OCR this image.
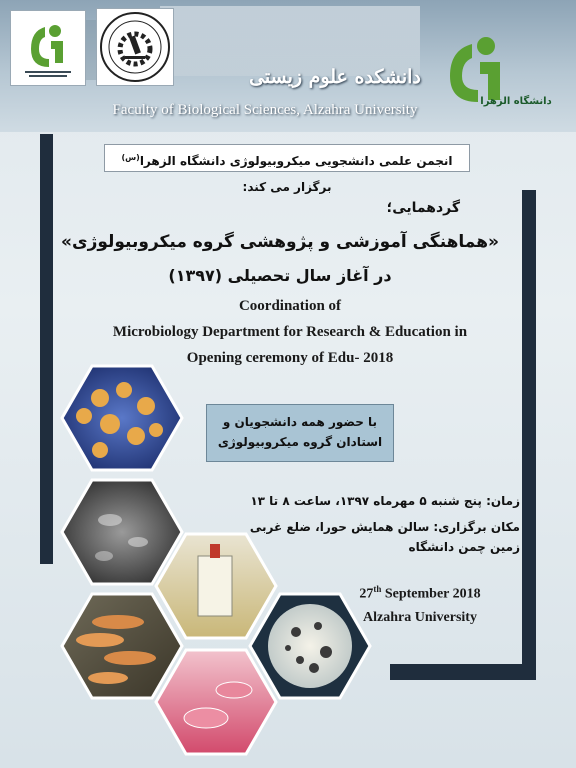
دانشکده علوم زیستی
Faculty of Biological Sciences, Alzahra University
دانشگاه الزهرا
انجمن علمی دانشجویی میکروبیولوژی دانشگاه الزهرا$^{(س)}$ برگزار می کند:
گردهمایی؛
«هماهنگی آموزشی و پژوهشی گروه میکروبیولوژی»
در آغاز سال تحصیلی (۱۳۹۷)
Coordination of
Microbiology Department for Research & Education in
Opening ceremony of Edu- 2018
با حضور همه دانشجویان و
استادان گروه میکروبیولوژی
زمان: پنج شنبه ۵ مهرماه ۱۳۹۷، ساعت ۸ تا ۱۳
مکان برگزاری: سالن همایش حورا، ضلع غربی
زمین چمن دانشگاه
27th September 2018
Alzahra University
